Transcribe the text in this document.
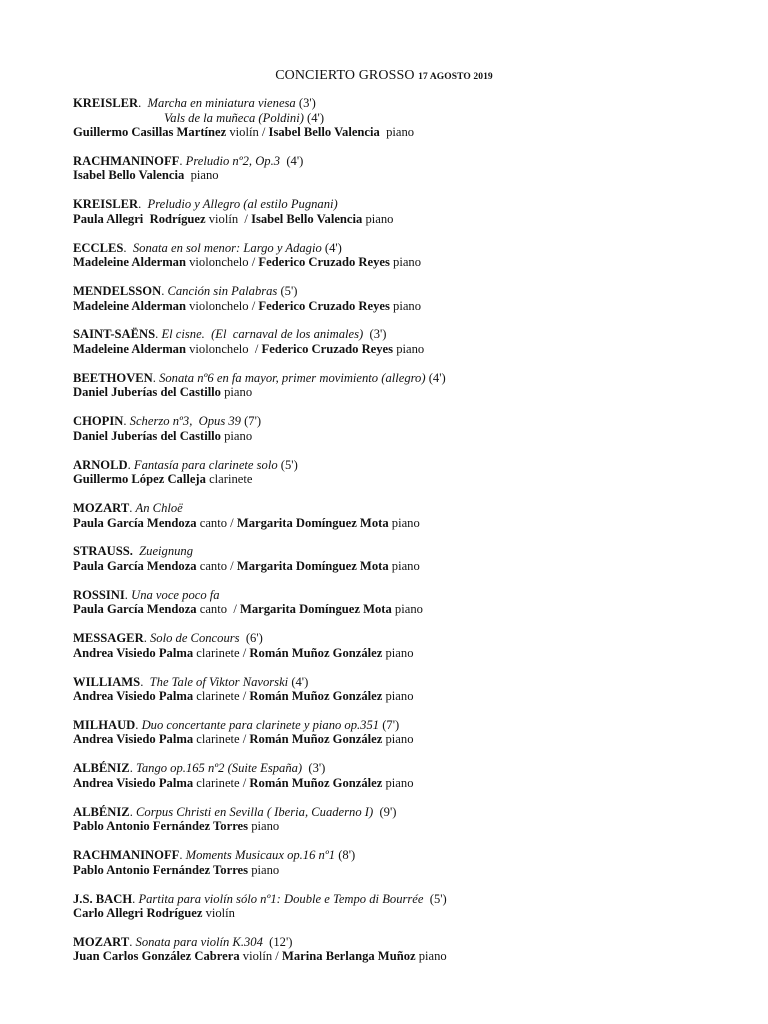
CONCIERTO GROSSO 17 AGOSTO 2019
KREISLER.  Marcha en miniatura vienesa (3')
Vals de la muñeca (Poldini) (4')
Guillermo Casillas Martínez violín / Isabel Bello Valencia  piano
RACHMANINOFF. Preludio nº2, Op.3  (4')
Isabel Bello Valencia  piano
KREISLER.  Preludio y Allegro (al estilo Pugnani)
Paula Allegri  Rodríguez violín  / Isabel Bello Valencia piano
ECCLES.  Sonata en sol menor: Largo y Adagio (4')
Madeleine Alderman violonchelo / Federico Cruzado Reyes piano
MENDELSSON. Canción sin Palabras (5')
Madeleine Alderman violonchelo / Federico Cruzado Reyes piano
SAINT-SAËNS. El cisne.  (El  carnaval de los animales)  (3')
Madeleine Alderman violonchelo  / Federico Cruzado Reyes piano
BEETHOVEN. Sonata nº6 en fa mayor, primer movimiento (allegro) (4')
Daniel Juberías del Castillo piano
CHOPIN. Scherzo nº3,  Opus 39 (7')
Daniel Juberías del Castillo piano
ARNOLD. Fantasía para clarinete solo (5')
Guillermo López Calleja clarinete
MOZART. An Chloë
Paula García Mendoza canto / Margarita Domínguez Mota piano
STRAUSS. Zueignung
Paula García Mendoza canto / Margarita Domínguez Mota piano
ROSSINI. Una voce poco fa
Paula García Mendoza canto  / Margarita Domínguez Mota piano
MESSAGER. Solo de Concours  (6')
Andrea Visiedo Palma clarinete / Román Muñoz González piano
WILLIAMS.  The Tale of Viktor Navorski (4')
Andrea Visiedo Palma clarinete / Román Muñoz González piano
MILHAUD. Duo concertante para clarinete y piano op.351 (7')
Andrea Visiedo Palma clarinete / Román Muñoz González piano
ALBÉNIZ. Tango op.165 nº2 (Suite España)  (3')
Andrea Visiedo Palma clarinete / Román Muñoz González piano
ALBÉNIZ. Corpus Christi en Sevilla ( Iberia, Cuaderno I)  (9')
Pablo Antonio Fernández Torres piano
RACHMANINOFF. Moments Musicaux op.16 nº1 (8')
Pablo Antonio Fernández Torres piano
J.S. BACH. Partita para violín sólo nº1: Double e Tempo di Bourrée  (5')
Carlo Allegri Rodríguez violín
MOZART. Sonata para violín K.304  (12')
Juan Carlos González Cabrera violín / Marina Berlanga Muñoz piano
